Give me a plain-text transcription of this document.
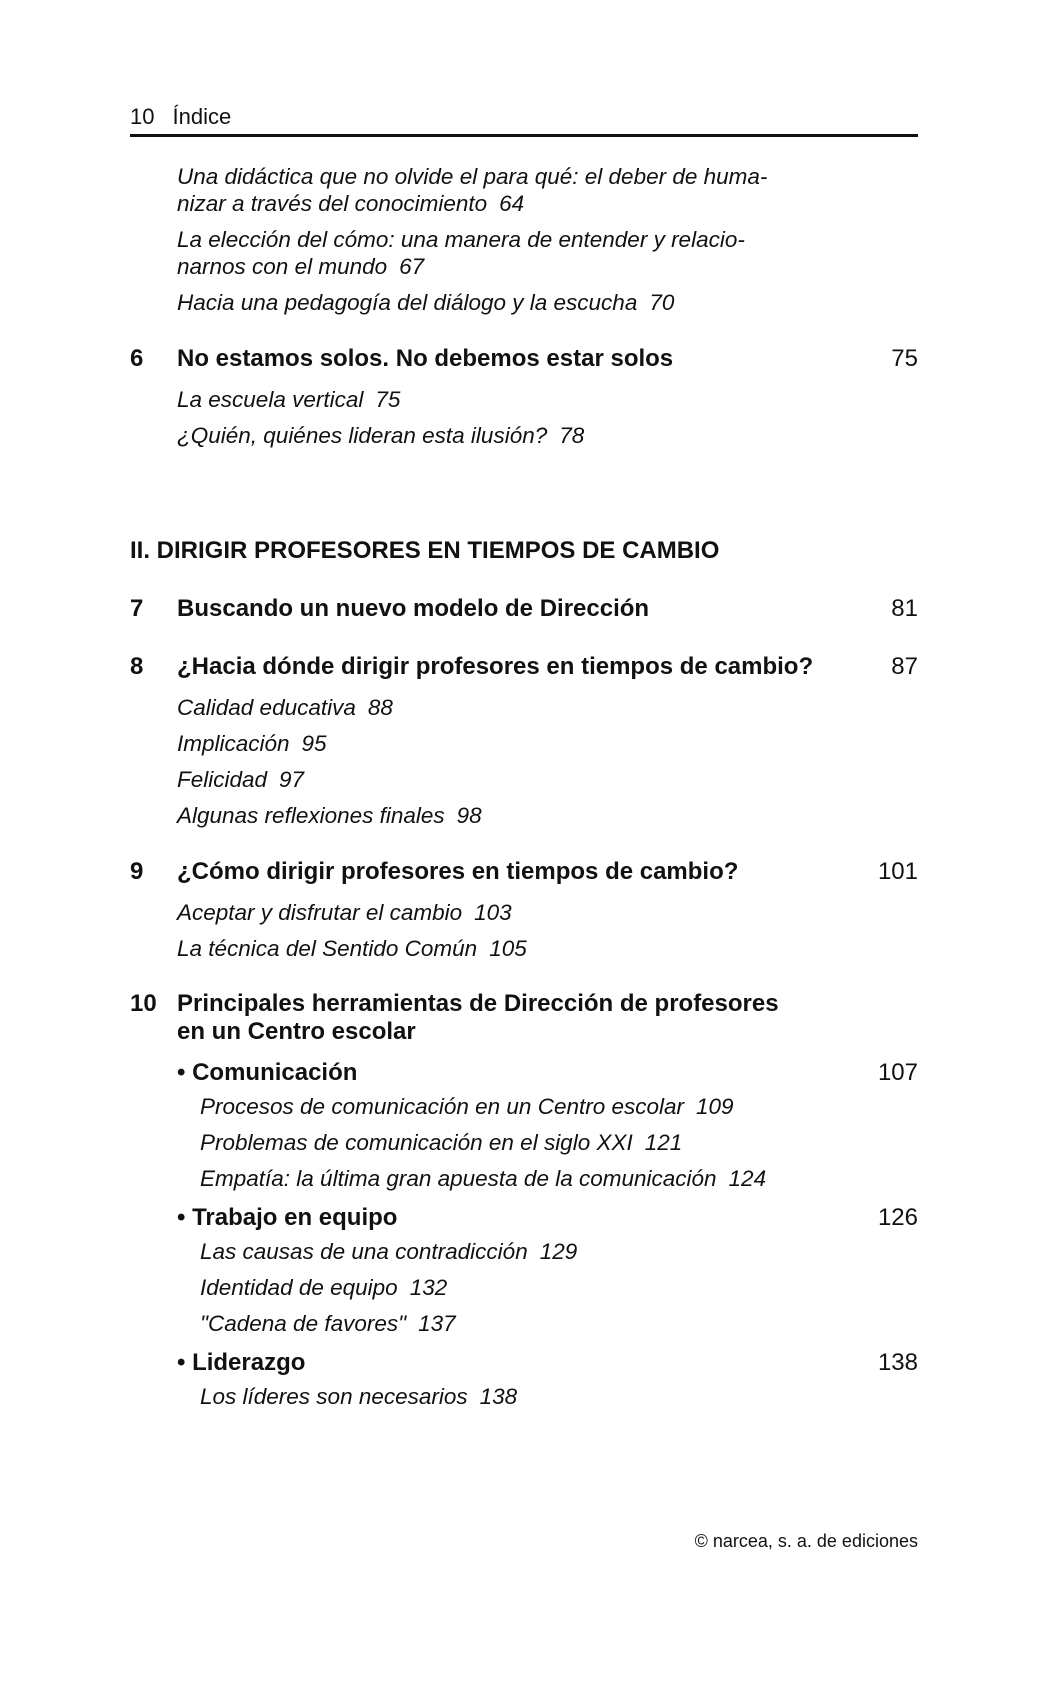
10 Índice

Una didáctica que no olvide el para qué: el deber de huma-
nizar a través del conocimiento 64

La elección del cómo: una manera de entender y relacio-
narnos con el mundo 67

Hacia una pedagogía del diálogo y la escucha 70

6	No estamos solos. No debemos estar solos	75

La escuela vertical 75

¿Quién, quiénes lideran esta ilusión? 78

II. DIRIGIR PROFESORES EN TIEMPOS DE CAMBIO
7	Buscando un nuevo modelo de Dirección	81
8	¿Hacia dónde dirigir profesores en tiempos de cambio?	87

Calidad educativa 88

Implicación 95

Felicidad 97

Algunas reflexiones finales 98

9	¿Cómo dirigir profesores en tiempos de cambio?	101

Aceptar y disfrutar el cambio 103

La técnica del Sentido Común 105

10 Principales herramientas de Dirección de profesores
en un Centro escolar
• Comunicación	107

Procesos de comunicación en un Centro escolar 109

Problemas de comunicación en el siglo XXI 121

Empatía: la última gran apuesta de la comunicación 124

• Trabajo en equipo	126

Las causas de una contradicción 129

Identidad de equipo 132

"Cadena de favores" 137

• Liderazgo	138

Los líderes son necesarios 138

© narcea, s. a. de ediciones
